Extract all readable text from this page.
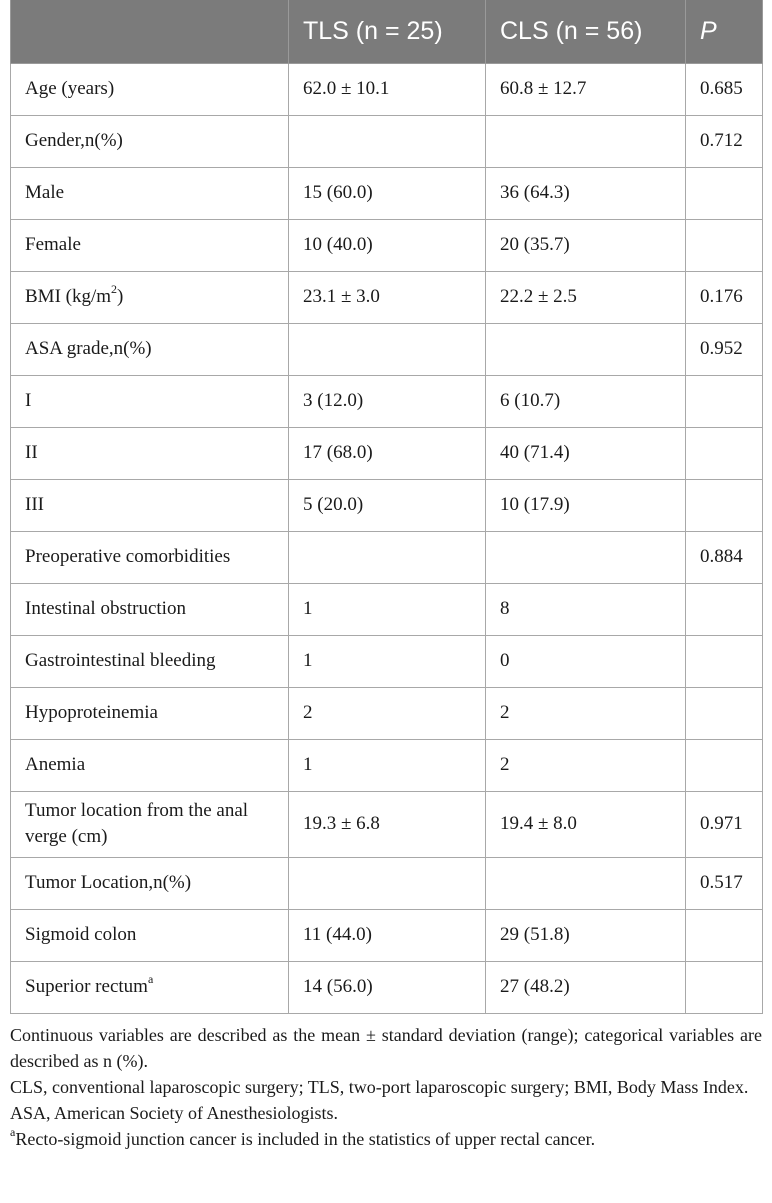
	TLS (n = 25)	CLS (n = 56)	P
Age (years)	62.0 ± 10.1	60.8 ± 12.7	0.685
Gender,n(%)			0.712
Male	15 (60.0)	36 (64.3)	
Female	10 (40.0)	20 (35.7)	
BMI $(kg/m^2)$	23.1 ± 3.0	22.2 ± 2.5	0.176
ASA grade,n(%)			0.952
I	3 (12.0)	6 (10.7)	
II	17 (68.0)	40 (71.4)	
III	5 (20.0)	10 (17.9)	
Preoperative comorbidities			0.884
Intestinal obstruction	1	8	
Gastrointestinal bleeding	1	0	
Hypoproteinemia	2	2	
Anemia	1	2	
Tumor location from the anal verge (cm)	19.3 ± 6.8	19.4 ± 8.0	0.971
Tumor Location,n(%)			0.517
Sigmoid colon	11 (44.0)	29 (51.8)	
Superior rectum$^a$	14 (56.0)	27 (48.2)	

Continuous variables are described as the mean ± standard deviation (range); categorical variables are described as n (%).

CLS, conventional laparoscopic surgery; TLS, two-port laparoscopic surgery; BMI, Body Mass Index.

ASA, American Society of Anesthesiologists.

$^a$Recto-sigmoid junction cancer is included in the statistics of upper rectal cancer.
